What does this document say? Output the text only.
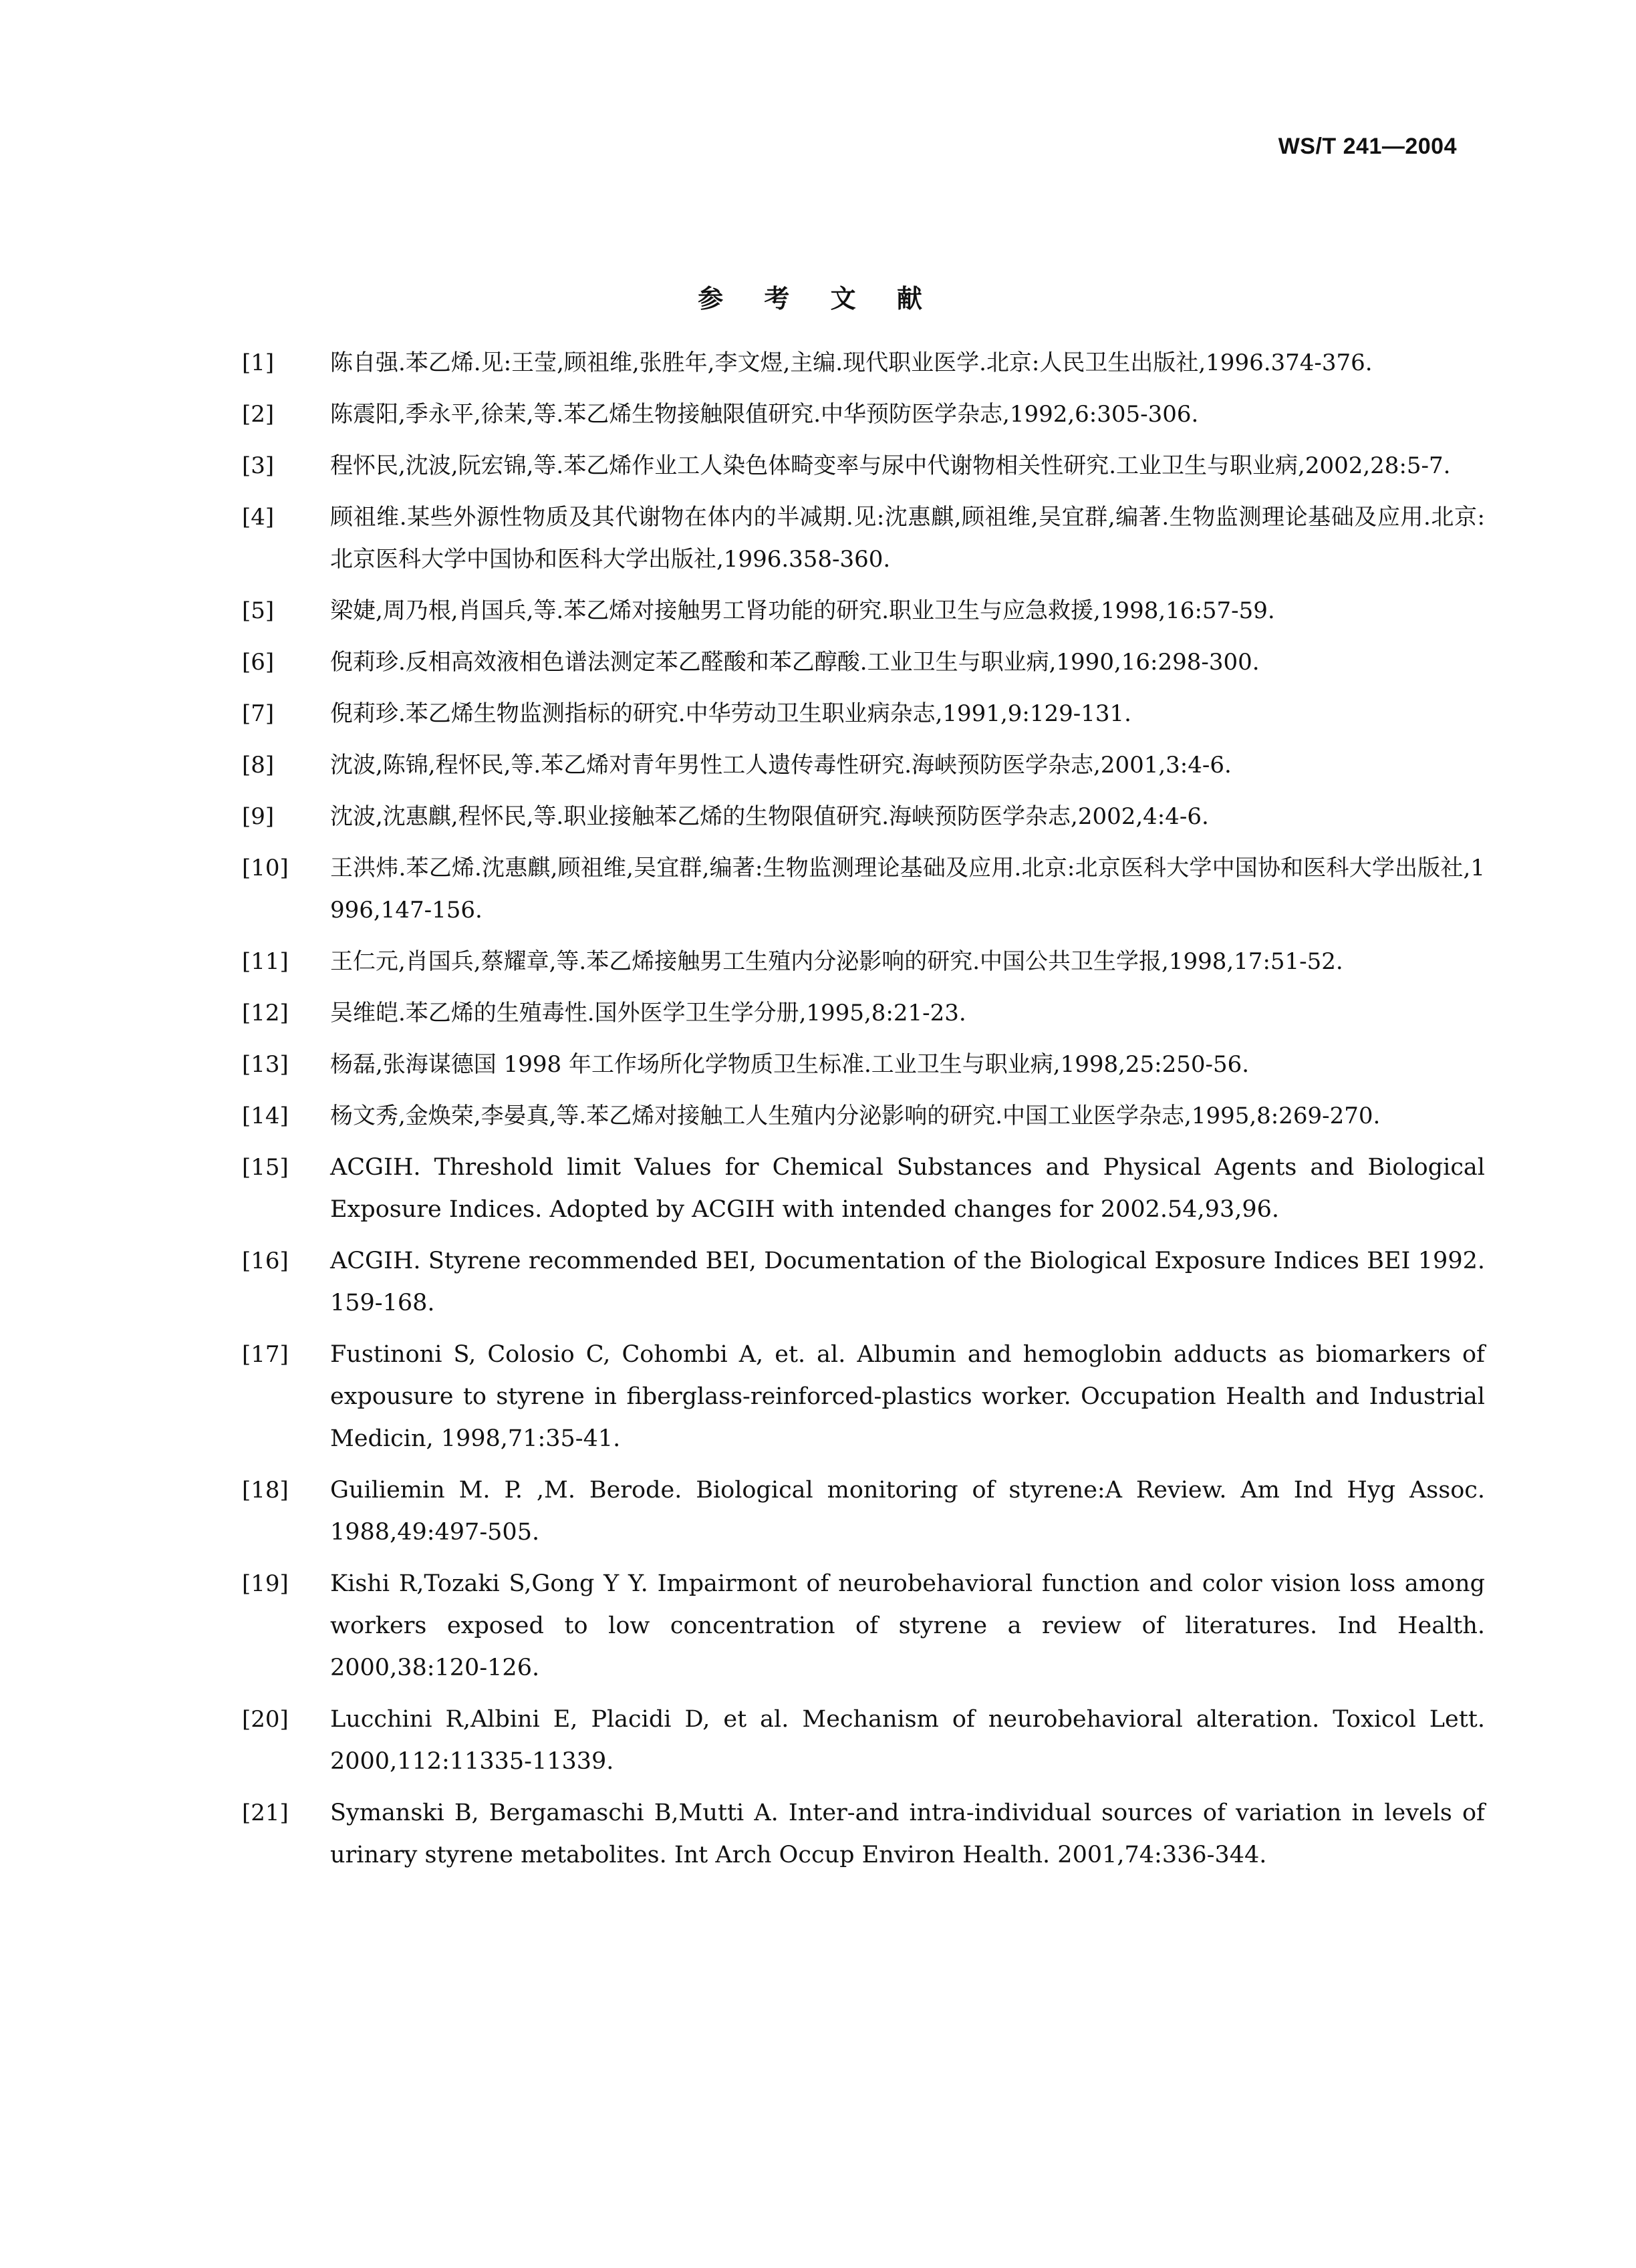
WS/T 241—2004
参 考 文 献
[1]	陈自强.苯乙烯.见:王莹,顾祖维,张胜年,李文煜,主编.现代职业医学.北京:人民卫生出版社,1996.374-376.
[2]	陈震阳,季永平,徐茉,等.苯乙烯生物接触限值研究.中华预防医学杂志,1992,6:305-306.
[3]	程怀民,沈波,阮宏锦,等.苯乙烯作业工人染色体畸变率与尿中代谢物相关性研究.工业卫生与职业病,2002,28:5-7.
[4]	顾祖维.某些外源性物质及其代谢物在体内的半减期.见:沈惠麒,顾祖维,吴宜群,编著.生物监测理论基础及应用.北京:北京医科大学中国协和医科大学出版社,1996.358-360.
[5]	梁婕,周乃根,肖国兵,等.苯乙烯对接触男工肾功能的研究.职业卫生与应急救援,1998,16:57-59.
[6]	倪莉珍.反相高效液相色谱法测定苯乙醛酸和苯乙醇酸.工业卫生与职业病,1990,16:298-300.
[7]	倪莉珍.苯乙烯生物监测指标的研究.中华劳动卫生职业病杂志,1991,9:129-131.
[8]	沈波,陈锦,程怀民,等.苯乙烯对青年男性工人遗传毒性研究.海峡预防医学杂志,2001,3:4-6.
[9]	沈波,沈惠麒,程怀民,等.职业接触苯乙烯的生物限值研究.海峡预防医学杂志,2002,4:4-6.
[10]	王洪炜.苯乙烯.沈惠麒,顾祖维,吴宜群,编著:生物监测理论基础及应用.北京:北京医科大学中国协和医科大学出版社,1996,147-156.
[11]	王仁元,肖国兵,蔡耀章,等.苯乙烯接触男工生殖内分泌影响的研究.中国公共卫生学报,1998,17:51-52.
[12]	吴维皑.苯乙烯的生殖毒性.国外医学卫生学分册,1995,8:21-23.
[13]	杨磊,张海谋德国 1998 年工作场所化学物质卫生标准.工业卫生与职业病,1998,25:250-56.
[14]	杨文秀,金焕荣,李晏真,等.苯乙烯对接触工人生殖内分泌影响的研究.中国工业医学杂志,1995,8:269-270.
[15]	ACGIH. Threshold limit Values for Chemical Substances and Physical Agents and Biological Exposure Indices. Adopted by ACGIH with intended changes for 2002.54,93,96.
[16]	ACGIH. Styrene recommended BEI, Documentation of the Biological Exposure Indices BEI 1992. 159-168.
[17]	Fustinoni S, Colosio C, Cohombi A, et. al. Albumin and hemoglobin adducts as biomarkers of expousure to styrene in fiberglass-reinforced-plastics worker. Occupation Health and Industrial Medicin, 1998,71:35-41.
[18]	Guiliemin M. P. ,M. Berode. Biological monitoring of styrene:A Review. Am Ind Hyg Assoc. 1988,49:497-505.
[19]	Kishi R,Tozaki S,Gong Y Y. Impairmont of neurobehavioral function and color vision loss among workers exposed to low concentration of styrene a review of literatures. Ind Health. 2000,38:120-126.
[20]	Lucchini R,Albini E, Placidi D, et al. Mechanism of neurobehavioral alteration. Toxicol Lett. 2000,112:11335-11339.
[21]	Symanski B, Bergamaschi B,Mutti A. Inter-and intra-individual sources of variation in levels of urinary styrene metabolites. Int Arch Occup Environ Health. 2001,74:336-344.
